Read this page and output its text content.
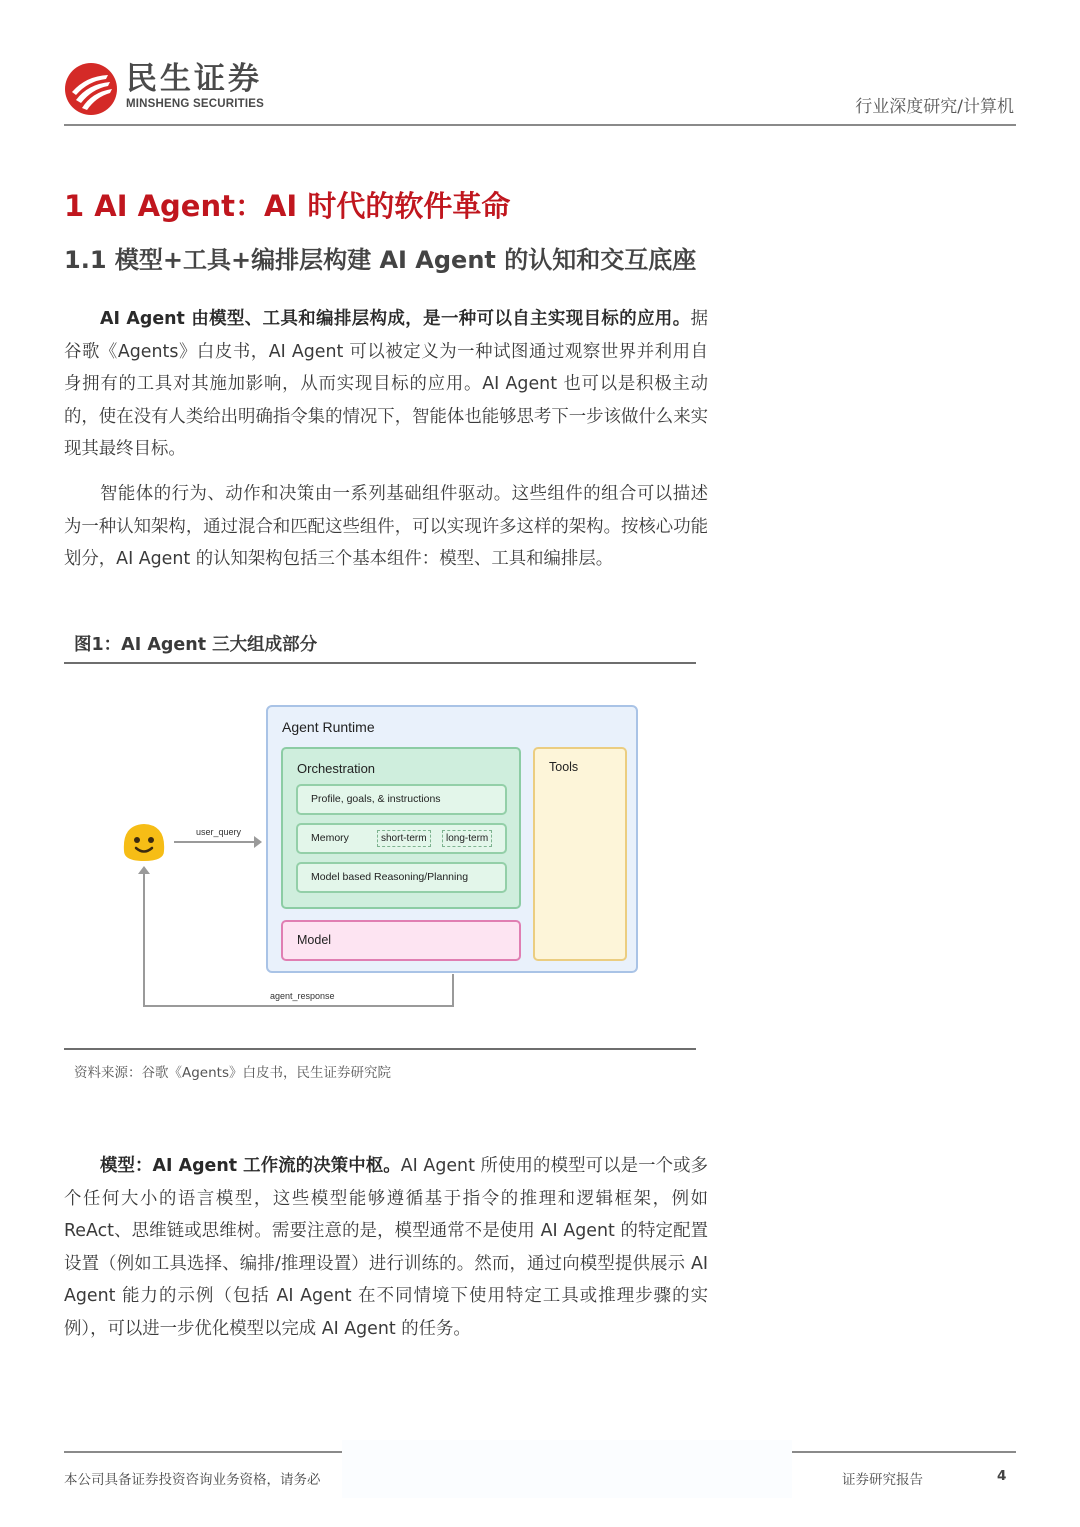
民生证券
MINSHENG SECURITIES	行业深度研究/计算机
1 AI Agent：AI 时代的软件革命
1.1 模型+工具+编排层构建 AI Agent 的认知和交互底座
AI Agent 由模型、工具和编排层构成，是一种可以自主实现目标的应用。据谷歌《Agents》白皮书，AI Agent 可以被定义为一种试图通过观察世界并利用自身拥有的工具对其施加影响，从而实现目标的应用。AI Agent 也可以是积极主动的，使在没有人类给出明确指令集的情况下，智能体也能够思考下一步该做什么来实现其最终目标。
智能体的行为、动作和决策由一系列基础组件驱动。这些组件的组合可以描述为一种认知架构，通过混合和匹配这些组件，可以实现许多这样的架构。按核心功能划分，AI Agent 的认知架构包括三个基本组件：模型、工具和编排层。
图1：AI Agent 三大组成部分
user_query
Agent Runtime
Orchestration
Profile, goals, & instructions
Memory	short-term	long-term
Model based Reasoning/Planning
Model
Tools
agent_response
资料来源：谷歌《Agents》白皮书，民生证券研究院
模型：AI Agent 工作流的决策中枢。AI Agent 所使用的模型可以是一个或多个任何大小的语言模型，这些模型能够遵循基于指令的推理和逻辑框架，例如 ReAct、思维链或思维树。需要注意的是，模型通常不是使用 AI Agent 的特定配置设置（例如工具选择、编排/推理设置）进行训练的。然而，通过向模型提供展示 AI Agent 能力的示例（包括 AI Agent 在不同情境下使用特定工具或推理步骤的实例），可以进一步优化模型以完成 AI Agent 的任务。
本公司具备证券投资咨询业务资格，请务必	证券研究报告	4
